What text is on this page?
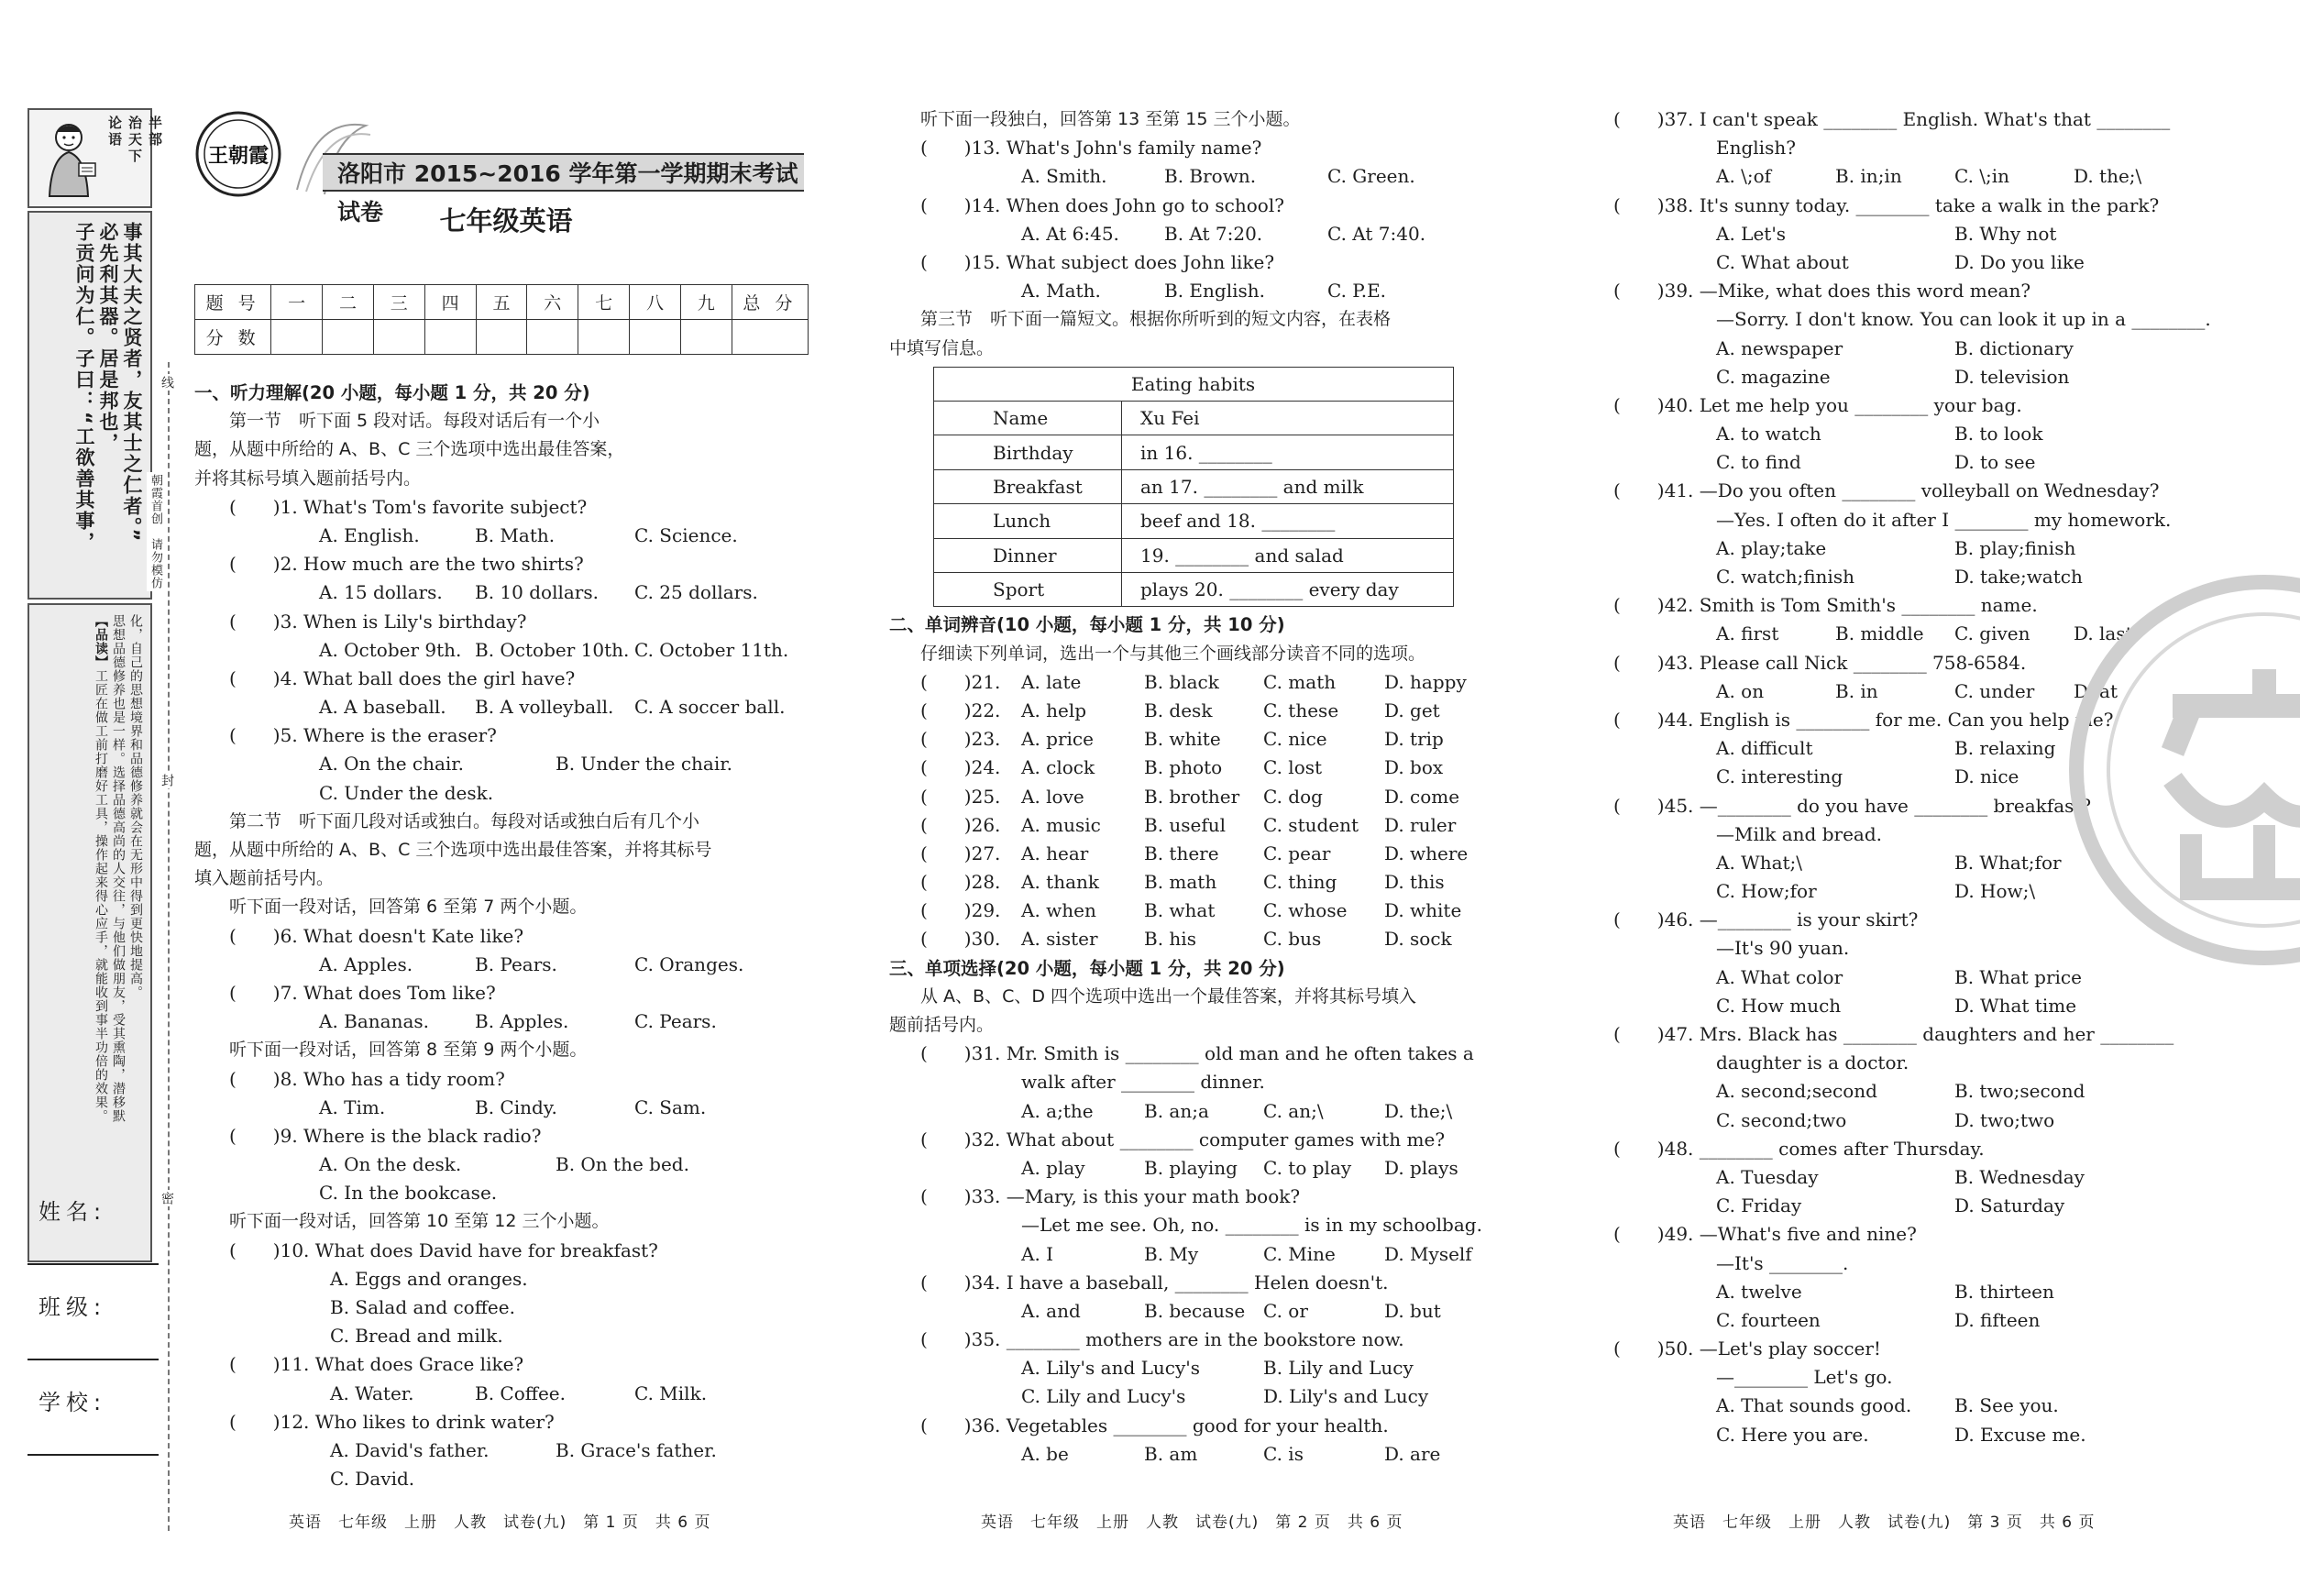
半部
治天下
论语
子贡问为仁。子曰：“工欲善其事， 必先利其器。居是邦也， 事其大夫之贤者，友其士之仁者。”
【品读】工匠在做工前打磨好工具，操作起来得心应手，就能收到事半功倍的效果。 思想品德修养也是一样。选择品德高尚的人交往，与他们做朋友，受其熏陶，潜移默 化，自己的思想境界和品德修养就会在无形中得到更快地提高。
姓名:
班级:
学校:
线
朝霞首创　请勿模仿
封
密
王朝霞
洛阳市 2015~2016 学年第一学期期末考试试卷	七年级英语
题 号	一	二	三	四	五	六	七	八	九	总 分
分 数										
一、听力理解(20 小题，每小题 1 分，共 20 分)
第一节　听下面 5 段对话。每段对话后有一个小
题，从题中所给的 A、B、C 三个选项中选出最佳答案，
并将其标号填入题前括号内。
(　　)1. What's Tom's favorite subject?
A. English.	B. Math.	C. Science.
(　　)2. How much are the two shirts?
A. 15 dollars. B. 10 dollars. C. 25 dollars.
(　　)3. When is Lily's birthday?
A. October 9th. B. October 10th. C. October 11th.
(　　)4. What ball does the girl have?
A. A baseball. B. A volleyball. C. A soccer ball.
(　　)5. Where is the eraser?
A. On the chair.	B. Under the chair.
C. Under the desk.
第二节　听下面几段对话或独白。每段对话或独白后有几个小
题，从题中所给的 A、B、C 三个选项中选出最佳答案，并将其标号
填入题前括号内。
听下面一段对话，回答第 6 至第 7 两个小题。
(　　)6. What doesn't Kate like?
A. Apples.	B. Pears.	C. Oranges.
(　　)7. What does Tom like?
A. Bananas. B. Apples.	C. Pears.
听下面一段对话，回答第 8 至第 9 两个小题。
(　　)8. Who has a tidy room?
A. Tim.	B. Cindy.	C. Sam.
(　　)9. Where is the black radio?
A. On the desk.	B. On the bed.
C. In the bookcase.
听下面一段对话，回答第 10 至第 12 三个小题。
(　　)10. What does David have for breakfast?
A. Eggs and oranges.
B. Salad and coffee.
C. Bread and milk.
(　　)11. What does Grace like?
A. Water.	B. Coffee.	C. Milk.
(　　)12. Who likes to drink water?
A. David's father.	B. Grace's father.
C. David.
英语　七年级　上册　人教　试卷(九)　第 1 页　共 6 页
听下面一段独白，回答第 13 至第 15 三个小题。
(　　)13. What's John's family name?
A. Smith.	B. Brown.	C. Green.
(　　)14. When does John go to school?
A. At 6:45. B. At 7:20.	C. At 7:40.
(　　)15. What subject does John like?
A. Math.	B. English.	C. P.E.
第三节　听下面一篇短文。根据你所听到的短文内容，在表格
中填写信息。
Eating habits	
Name	Xu Fei
Birthday	in 16. ________
Breakfast	an 17. ________ and milk
Lunch	beef and 18. ________
Dinner	19. ________ and salad
Sport	plays 20. ________ every day
二、单词辨音(10 小题，每小题 1 分，共 10 分)
仔细读下列单词，选出一个与其他三个画线部分读音不同的选项。
(　　)21. A. late	B. black C. math	D. happy
(　　)22. A. help	B. desk	C. these D. get
(　　)23. A. price	B. white C. nice	D. trip
(　　)24. A. clock	B. photo C. lost	D. box
(　　)25. A. love	B. brother C. dog	D. come
(　　)26. A. music B. useful C. student D. ruler
(　　)27. A. hear	B. there C. pear	D. where
(　　)28. A. thank B. math	C. thing	D. this
(　　)29. A. when	B. what	C. whose D. white
(　　)30. A. sister	B. his	C. bus	D. sock
三、单项选择(20 小题，每小题 1 分，共 20 分)
从 A、B、C、D 四个选项中选出一个最佳答案，并将其标号填入
题前括号内。
(　　)31. Mr. Smith is ________ old man and he often takes a
walk after ________ dinner.
A. a;the	B. an;a	C. an;\	D. the;\
(　　)32. What about ________ computer games with me?
A. play	B. playing C. to play D. plays
(　　)33. —Mary, is this your math book?
—Let me see. Oh, no. ________ is in my schoolbag.
A. I	B. My	C. Mine	D. Myself
(　　)34. I have a baseball, ________ Helen doesn't.
A. and	B. because C. or	D. but
(　　)35. ________ mothers are in the bookstore now.
A. Lily's and Lucy's	B. Lily and Lucy
C. Lily and Lucy's	D. Lily's and Lucy
(　　)36. Vegetables ________ good for your health.
A. be	B. am	C. is	D. are
英语　七年级　上册　人教　试卷(九)　第 2 页　共 6 页
(　　)37. I can't speak ________ English. What's that ________
English?
A. \;of	B. in;in	C. \;in	D. the;\
(　　)38. It's sunny today. ________ take a walk in the park?
A. Let's	B. Why not
C. What about	D. Do you like
(　　)39. —Mike, what does this word mean?
—Sorry. I don't know. You can look it up in a ________.
A. newspaper	B. dictionary
C. magazine	D. television
(　　)40. Let me help you ________ your bag.
A. to watch	B. to look
C. to find	D. to see
(　　)41. —Do you often ________ volleyball on Wednesday?
—Yes. I often do it after I ________ my homework.
A. play;take	B. play;finish
C. watch;finish	D. take;watch
(　　)42. Smith is Tom Smith's ________ name.
A. first	B. middle C. given D. last
(　　)43. Please call Nick ________ 758-6584.
A. on	B. in	C. under D. at
(　　)44. English is ________ for me. Can you help me?
A. difficult	B. relaxing
C. interesting	D. nice
(　　)45. —________ do you have ________ breakfast?
—Milk and bread.
A. What;\	B. What;for
C. How;for	D. How;\
(　　)46. —________ is your skirt?
—It's 90 yuan.
A. What color	B. What price
C. How much	D. What time
(　　)47. Mrs. Black has ________ daughters and her ________
daughter is a doctor.
A. second;second	B. two;second
C. second;two	D. two;two
(　　)48. ________ comes after Thursday.
A. Tuesday	B. Wednesday
C. Friday	D. Saturday
(　　)49. —What's five and nine?
—It's ________.
A. twelve	B. thirteen
C. fourteen	D. fifteen
(　　)50. —Let's play soccer!
—________ Let's go.
A. That sounds good. B. See you.
C. Here you are.	D. Excuse me.
英语　七年级　上册　人教　试卷(九)　第 3 页　共 6 页
